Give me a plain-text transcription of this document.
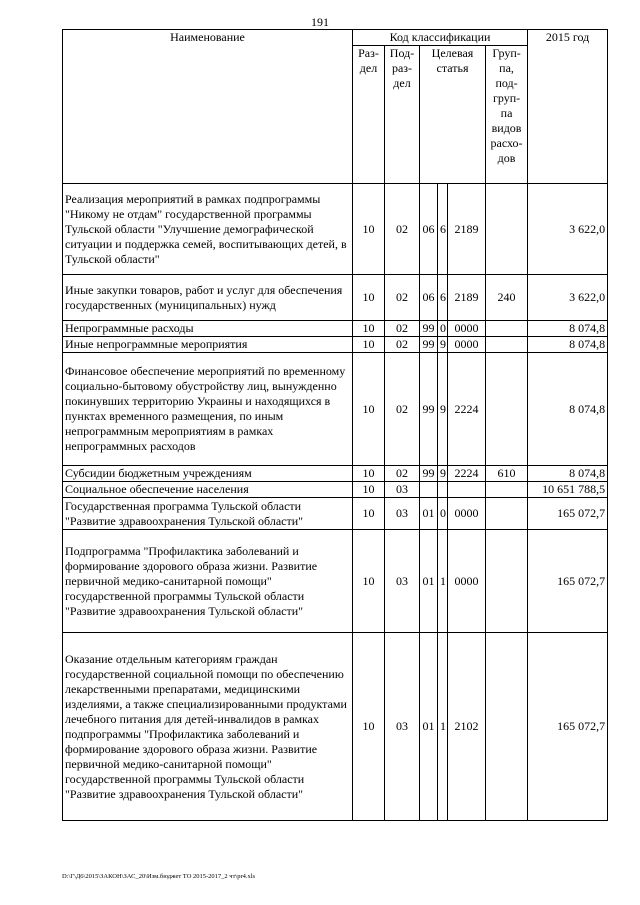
191
Наименование	Код классификации						2015 год
	Раз-дел	Под-раз-дел	Целевая статья			Груп-па, под-груп-па видов расхо-дов	
Реализация мероприятий в рамках подпрограммы "Никому не отдам" государственной программы Тульской области "Улучшение демографической ситуации и поддержка семей, воспитывающих детей, в Тульской области"	10	02	06	6	2189		3 622,0
Иные закупки товаров, работ и услуг для обеспечения государственных (муниципальных) нужд	10	02	06	6	2189	240	3 622,0
Непрограммные расходы	10	02	99	0	0000		8 074,8
Иные непрограммные мероприятия	10	02	99	9	0000		8 074,8
Финансовое обеспечение мероприятий по временному социально-бытовому обустройству лиц, вынужденно покинувших территорию Украины и находящихся в пунктах временного размещения, по иным непрограммным мероприятиям в рамках непрограммных расходов	10	02	99	9	2224		8 074,8
Субсидии бюджетным учреждениям	10	02	99	9	2224	610	8 074,8
Социальное обеспечение населения	10	03					10 651 788,5
Государственная программа Тульской области "Развитие здравоохранения Тульской области"	10	03	01	0	0000		165 072,7
Подпрограмма "Профилактика заболеваний и формирование здорового образа жизни. Развитие первичной медико-санитарной помощи" государственной программы Тульской области "Развитие здравоохранения Тульской области"	10	03	01	1	0000		165 072,7
Оказание отдельным категориям граждан государственной социальной помощи по обеспечению лекарственными препаратами, медицинскими изделиями, а также специализированными продуктами лечебного питания для детей-инвалидов в рамках подпрограммы "Профилактика заболеваний и формирование здорового образа жизни. Развитие первичной медико-санитарной помощи" государственной программы Тульской области "Развитие здравоохранения Тульской области"	10	03	01	1	2102		165 072,7
D:\Г\Д6\2015\ЗАКОН\ЗАС_20\Изм.бюджет ТО 2015-2017_2 чт\pr4.xls
